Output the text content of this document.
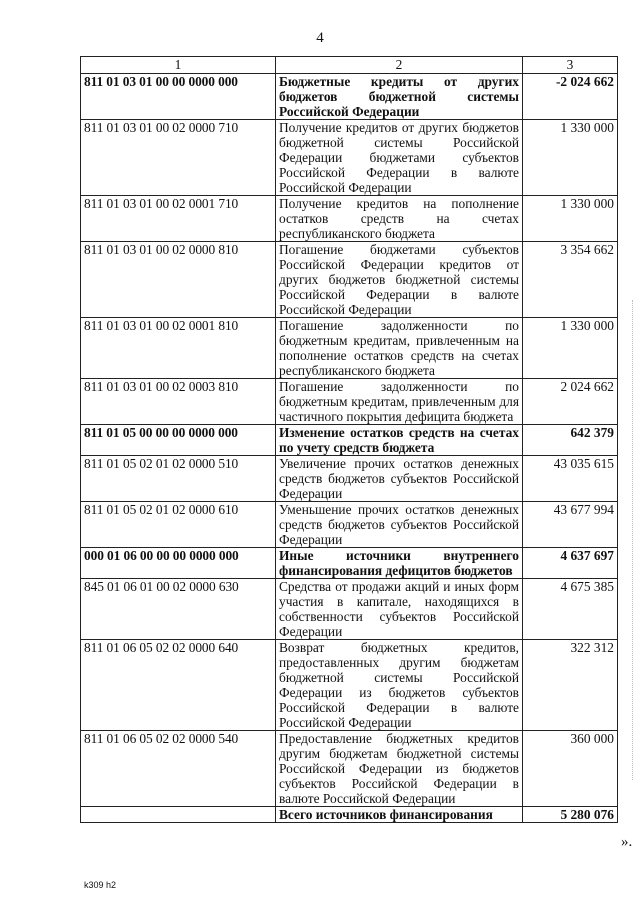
4
1	2	3
811 01 03 01 00 00 0000 000	Бюджетные кредиты от других бюджетов бюджетной системы Российской Федерации	-2 024 662
811 01 03 01 00 02 0000 710	Получение кредитов от других бюджетов бюджетной системы Российской Федерации бюджетами субъектов Российской Федерации в валюте Российской Федерации	1 330 000
811 01 03 01 00 02 0001 710	Получение кредитов на пополнение остатков средств на счетах республиканского бюджета	1 330 000
811 01 03 01 00 02 0000 810	Погашение бюджетами субъектов Российской Федерации кредитов от других бюджетов бюджетной системы Российской Федерации в валюте Российской Федерации	3 354 662
811 01 03 01 00 02 0001 810	Погашение задолженности по бюджетным кредитам, привлеченным на пополнение остатков средств на счетах республиканского бюджета	1 330 000
811 01 03 01 00 02 0003 810	Погашение задолженности по бюджетным кредитам, привлеченным для частичного покрытия дефицита бюджета	2 024 662
811 01 05 00 00 00 0000 000	Изменение остатков средств на счетах по учету средств бюджета	642 379
811 01 05 02 01 02 0000 510	Увеличение прочих остатков денежных средств бюджетов субъектов Российской Федерации	43 035 615
811 01 05 02 01 02 0000 610	Уменьшение прочих остатков денежных средств бюджетов субъектов Российской Федерации	43 677 994
000 01 06 00 00 00 0000 000	Иные источники внутреннего финансирования дефицитов бюджетов	4 637 697
845 01 06 01 00 02 0000 630	Средства от продажи акций и иных форм участия в капитале, находящихся в собственности субъектов Российской Федерации	4 675 385
811 01 06 05 02 02 0000 640	Возврат бюджетных кредитов, предоставленных другим бюджетам бюджетной системы Российской Федерации из бюджетов субъектов Российской Федерации в валюте Российской Федерации	322 312
811 01 06 05 02 02 0000 540	Предоставление бюджетных кредитов другим бюджетам бюджетной системы Российской Федерации из бюджетов субъектов Российской Федерации в валюте Российской Федерации	360 000
	Всего источников финансирования	5 280 076
».
k309 h2
